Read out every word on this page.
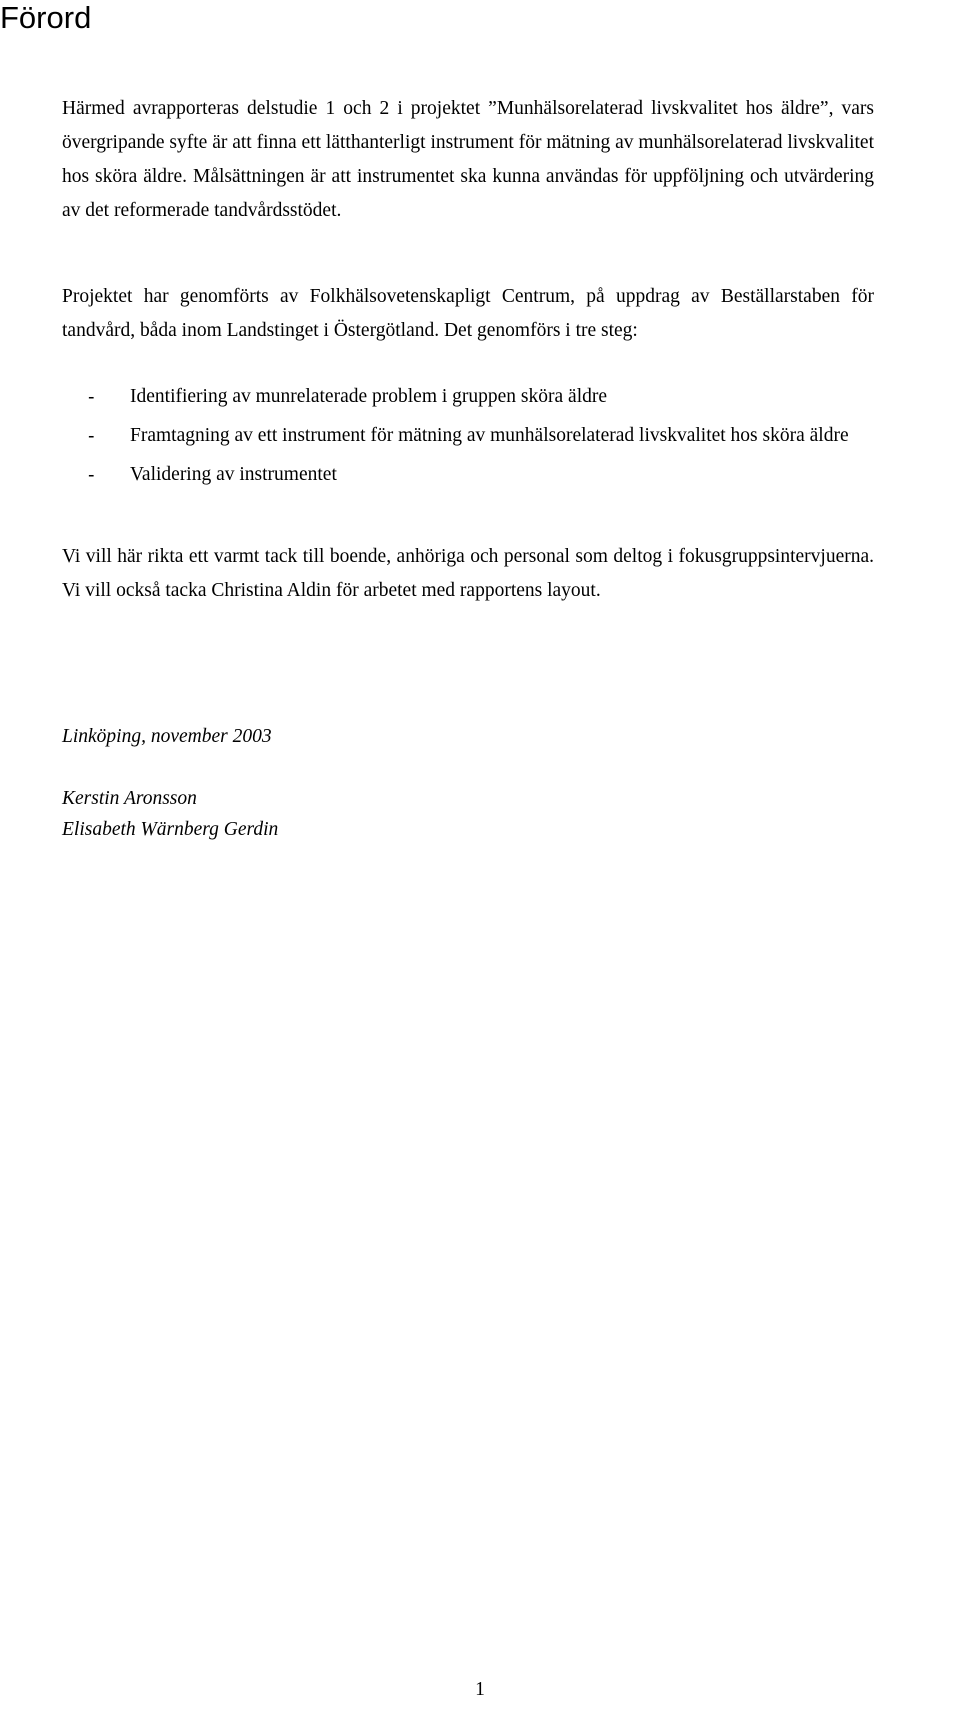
Förord

Härmed avrapporteras delstudie 1 och 2 i projektet ”Munhälsorelaterad livskvalitet hos äldre”, vars övergripande syfte är att finna ett lätthanterligt instrument för mätning av munhälsorelaterad livskvalitet hos sköra äldre. Målsättningen är att instrumentet ska kunna användas för uppföljning och utvärdering av det reformerade tandvårdsstödet.

Projektet har genomförts av Folkhälsovetenskapligt Centrum, på uppdrag av Beställarstaben för tandvård, båda inom Landstinget i Östergötland. Det genomförs i tre steg:

- Identifiering av munrelaterade problem i gruppen sköra äldre
- Framtagning av ett instrument för mätning av munhälsorelaterad livskvalitet hos sköra äldre
- Validering av instrumentet

Vi vill här rikta ett varmt tack till boende, anhöriga och personal som deltog i fokusgruppsintervjuerna. Vi vill också tacka Christina Aldin för arbetet med rapportens layout.

Linköping, november 2003

Kerstin Aronsson
Elisabeth Wärnberg Gerdin
1
